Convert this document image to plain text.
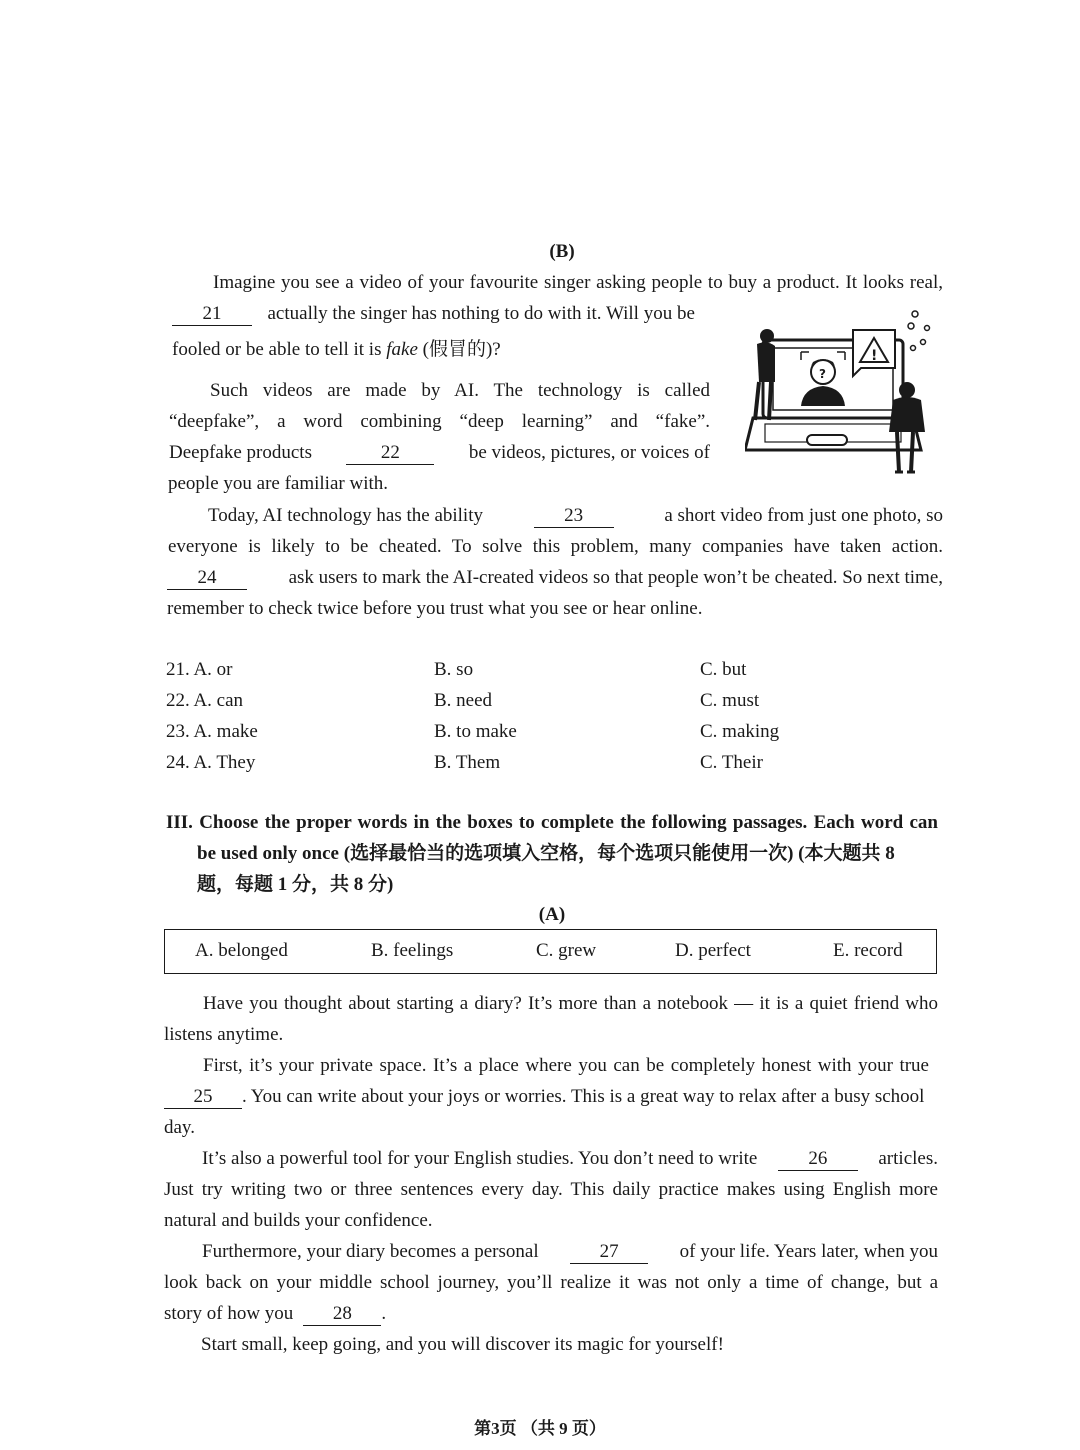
(B)
Imagine you see a video of your favourite singer asking people to buy a product. It looks real,
21 actually the singer has nothing to do with it. Will you be
fooled or be able to tell it is fake (假冒的)?
Such videos are made by AI. The technology is called
“deepfake”, a word combining “deep learning” and “fake”.
Deepfake products	22	be videos, pictures, or voices of
people you are familiar with.
?
!
Today, AI technology has the ability	23	a short video from just one photo, so
everyone is likely to be cheated. To solve this problem, many companies have taken action.
24	ask users to mark the AI-created videos so that people won’t be cheated. So next time,
remember to check twice before you trust what you see or hear online.
21. A. or	B. so	C. but
22. A. can	B. need	C. must
23. A. make	B. to make	C. making
24. A. They	B. Them	C. Their
III. Choose the proper words in the boxes to complete the following passages. Each word can
be used only once (选择最恰当的选项填入空格，每个选项只能使用一次) (本大题共 8
题，每题 1 分，共 8 分)
(A)
A. belonged	B. feelings	C. grew	D. perfect	E. record
Have you thought about starting a diary? It’s more than a notebook — it is a quiet friend who
listens anytime.
First, it’s your private space. It’s a place where you can be completely honest with your true
25	. You can write about your joys or worries. This is a great way to relax after a busy school
day.
It’s also a powerful tool for your English studies. You don’t need to write	26	articles.
Just try writing two or three sentences every day. This daily practice makes using English more
natural and builds your confidence.
Furthermore, your diary becomes a personal	27	of your life. Years later, when you
look back on your middle school journey, you’ll realize it was not only a time of change, but a
story of how you	28	.
Start small, keep going, and you will discover its magic for yourself!
第3页 （共 9 页）
